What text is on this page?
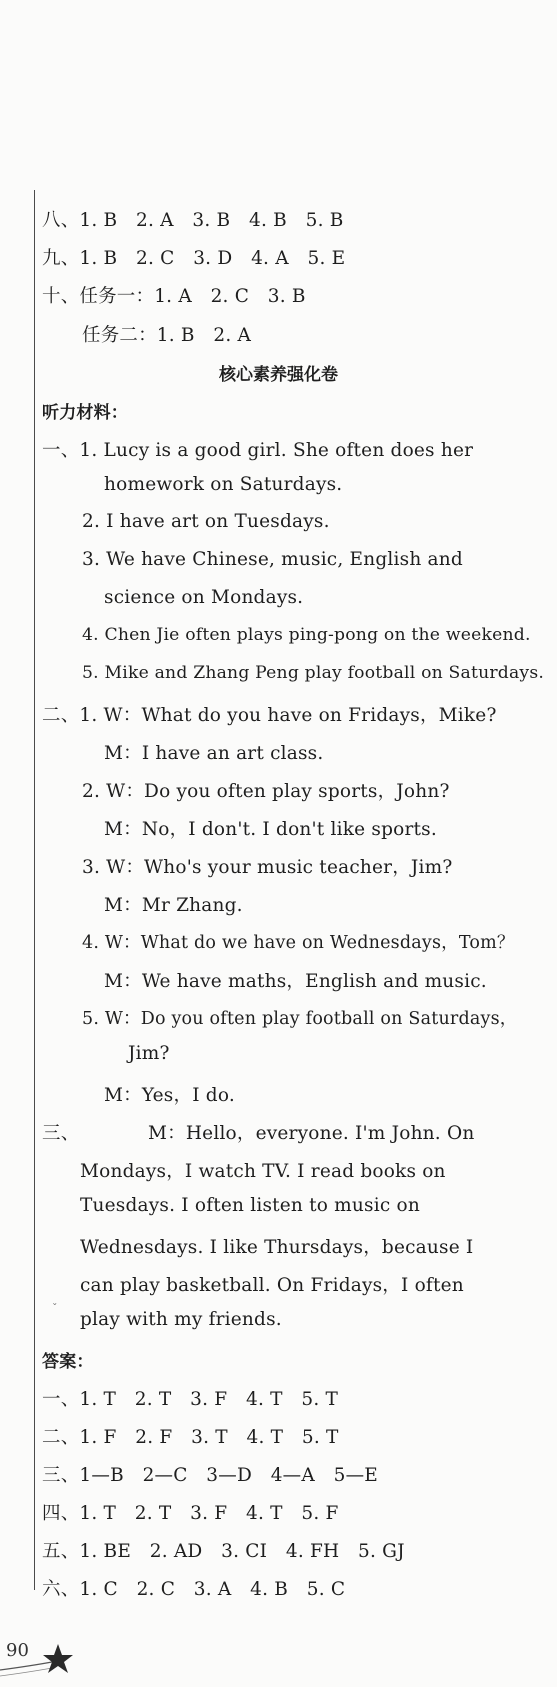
八、1. B　2. A　3. B　4. B　5. B
九、1. B　2. C　3. D　4. A　5. E
十、任务一：1. A　2. C　3. B
任务二：1. B　2. A
核心素养强化卷
听力材料：
一、1. Lucy is a good girl. She often does her
homework on Saturdays.
2. I have art on Tuesdays.
3. We have Chinese, music, English and
science on Mondays.
4. Chen Jie often plays ping-pong on the weekend.
5. Mike and Zhang Peng play football on Saturdays.
二、1. W：What do you have on Fridays，Mike?
M：I have an art class.
2. W：Do you often play sports，John?
M：No，I don't. I don't like sports.
3. W：Who's your music teacher，Jim?
M：Mr Zhang.
4. W：What do we have on Wednesdays，Tom？
M：We have maths，English and music.
5. W：Do you often play football on Saturdays，
Jim?
M：Yes，I do.
三、	M：Hello，everyone. I'm John. On
Mondays，I watch TV. I read books on
Tuesdays. I often listen to music on
Wednesdays. I like Thursdays，because I
can play basketball. On Fridays，I often
play with my friends.
ˇ
答案：
一、1. T　2. T　3. F　4. T　5. T
二、1. F　2. F　3. T　4. T　5. T
三、1—B　2—C　3—D　4—A　5—E
四、1. T　2. T　3. F　4. T　5. F
五、1. BE　2. AD　3. CI　4. FH　5. GJ
六、1. C　2. C　3. A　4. B　5. C
90
